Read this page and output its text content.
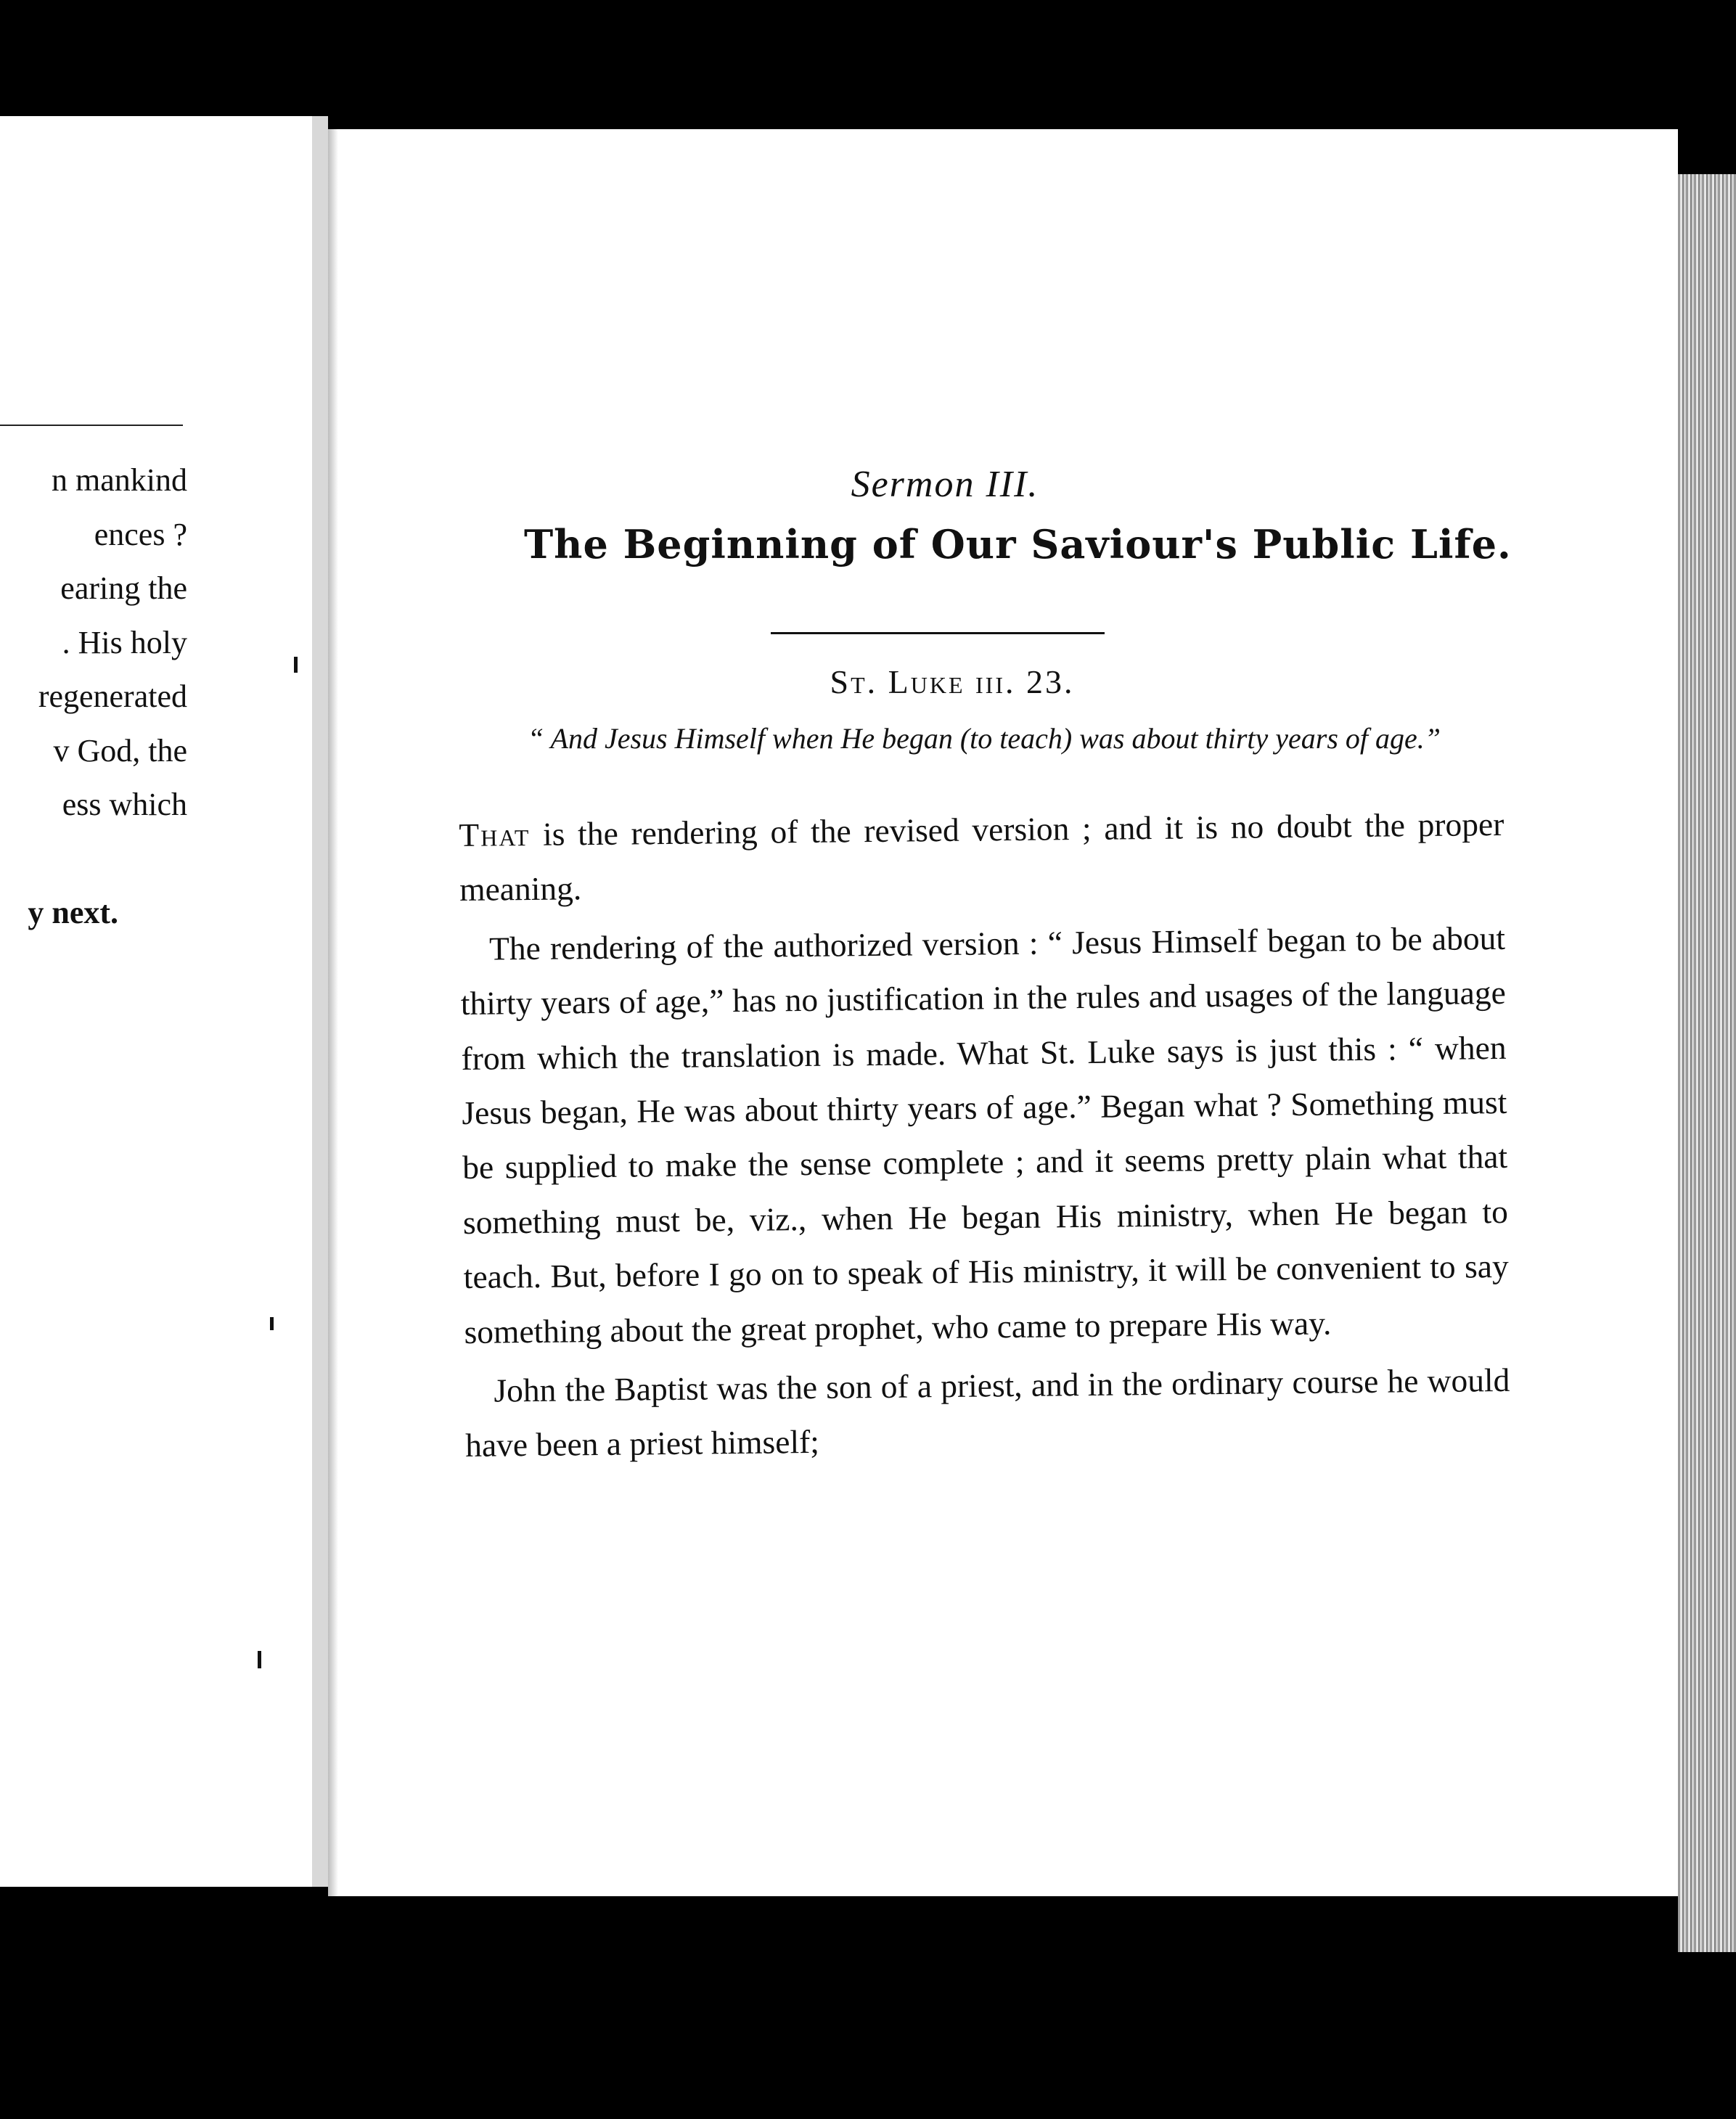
n mankind
ences ?
earing the
. His holy
regenerated
v God, the
ess which
y next.
Sermon III.
The Beginning of Our Saviour's Public Life.
St. Luke iii. 23.
“ And Jesus Himself when He began (to teach) was about thirty years of age.”

That is the rendering of the revised version ; and it is no doubt the proper meaning.

The rendering of the authorized version : “ Jesus Himself began to be about thirty years of age,” has no justification in the rules and usages of the language from which the translation is made. What St. Luke says is just this : “ when Jesus began, He was about thirty years of age.” Began what ? Something must be supplied to make the sense complete ; and it seems pretty plain what that something must be, viz., when He began His ministry, when He began to teach. But, before I go on to speak of His ministry, it will be convenient to say something about the great prophet, who came to prepare His way.

John the Baptist was the son of a priest, and in the ordinary course he would have been a priest himself;
